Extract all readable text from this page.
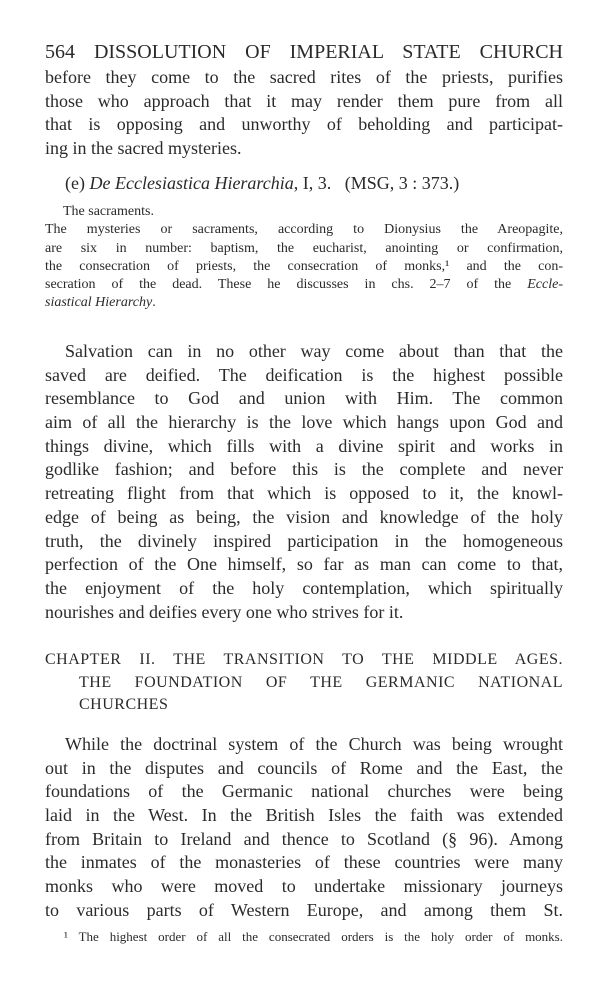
564 DISSOLUTION OF IMPERIAL STATE CHURCH
before they come to the sacred rites of the priests, purifies
those who approach that it may render them pure from all
that is opposing and unworthy of beholding and participat-
ing in the sacred mysteries.
(e) De Ecclesiastica Hierarchia, I, 3. (MSG, 3 : 373.)
The sacraments.
The mysteries or sacraments, according to Dionysius the Areopagite,
are six in number: baptism, the eucharist, anointing or confirmation,
the consecration of priests, the consecration of monks,¹ and the con-
secration of the dead. These he discusses in chs. 2–7 of the Eccle-
siastical Hierarchy.
Salvation can in no other way come about than that the
saved are deified. The deification is the highest possible
resemblance to God and union with Him. The common
aim of all the hierarchy is the love which hangs upon God and
things divine, which fills with a divine spirit and works in
godlike fashion; and before this is the complete and never
retreating flight from that which is opposed to it, the knowl-
edge of being as being, the vision and knowledge of the holy
truth, the divinely inspired participation in the homogeneous
perfection of the One himself, so far as man can come to that,
the enjoyment of the holy contemplation, which spiritually
nourishes and deifies every one who strives for it.
CHAPTER II. THE TRANSITION TO THE MIDDLE AGES.
THE FOUNDATION OF THE GERMANIC NATIONAL
CHURCHES
While the doctrinal system of the Church was being wrought
out in the disputes and councils of Rome and the East, the
foundations of the Germanic national churches were being
laid in the West. In the British Isles the faith was extended
from Britain to Ireland and thence to Scotland (§ 96). Among
the inmates of the monasteries of these countries were many
monks who were moved to undertake missionary journeys
to various parts of Western Europe, and among them St.
¹ The highest order of all the consecrated orders is the holy order of monks.
